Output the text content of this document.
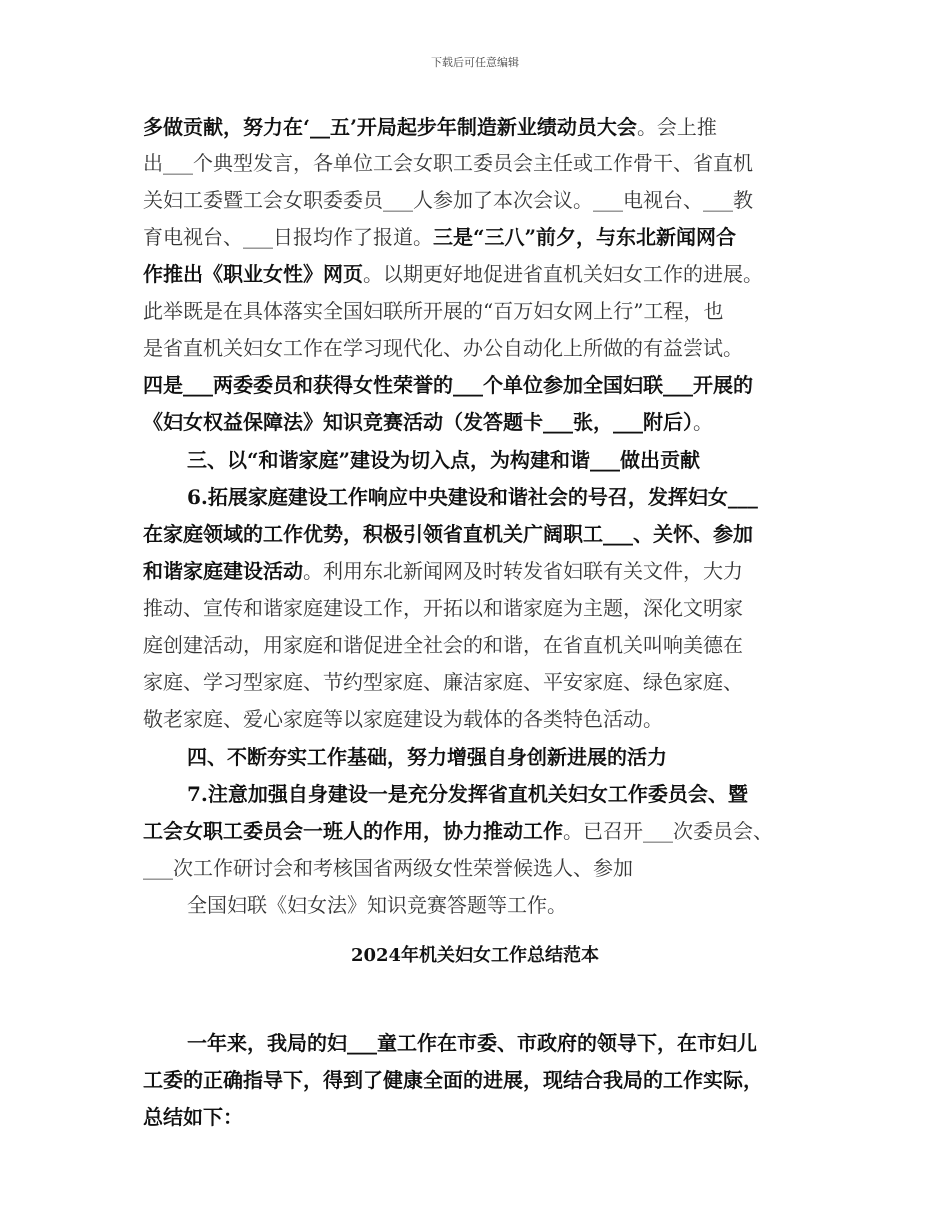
下载后可任意编辑
多做贡献，努力在‘__五’开局起步年制造新业绩动员大会。会上推
出___个典型发言，各单位工会女职工委员会主任或工作骨干、省直机
关妇工委暨工会女职委委员___人参加了本次会议。___电视台、___教
育电视台、___日报均作了报道。三是“三八”前夕，与东北新闻网合
作推出《职业女性》网页。以期更好地促进省直机关妇女工作的进展。
此举既是在具体落实全国妇联所开展的“百万妇女网上行”工程，也
是省直机关妇女工作在学习现代化、办公自动化上所做的有益尝试。
四是___两委委员和获得女性荣誉的___个单位参加全国妇联___开展的
《妇女权益保障法》知识竞赛活动（发答题卡___张，___附后）。
三、以“和谐家庭”建设为切入点，为构建和谐___做出贡献
6.拓展家庭建设工作响应中央建设和谐社会的号召，发挥妇女___
在家庭领域的工作优势，积极引领省直机关广阔职工___、关怀、参加
和谐家庭建设活动。利用东北新闻网及时转发省妇联有关文件，大力
推动、宣传和谐家庭建设工作，开拓以和谐家庭为主题，深化文明家
庭创建活动，用家庭和谐促进全社会的和谐，在省直机关叫响美德在
家庭、学习型家庭、节约型家庭、廉洁家庭、平安家庭、绿色家庭、
敬老家庭、爱心家庭等以家庭建设为载体的各类特色活动。
四、不断夯实工作基础，努力增强自身创新进展的活力
7.注意加强自身建设一是充分发挥省直机关妇女工作委员会、暨
工会女职工委员会一班人的作用，协力推动工作。已召开___次委员会、
___次工作研讨会和考核国省两级女性荣誉候选人、参加
全国妇联《妇女法》知识竞赛答题等工作。
一年来，我局的妇___童工作在市委、市政府的领导下，在市妇儿
工委的正确指导下，得到了健康全面的进展，现结合我局的工作实际，
总结如下：
2024年机关妇女工作总结范本
